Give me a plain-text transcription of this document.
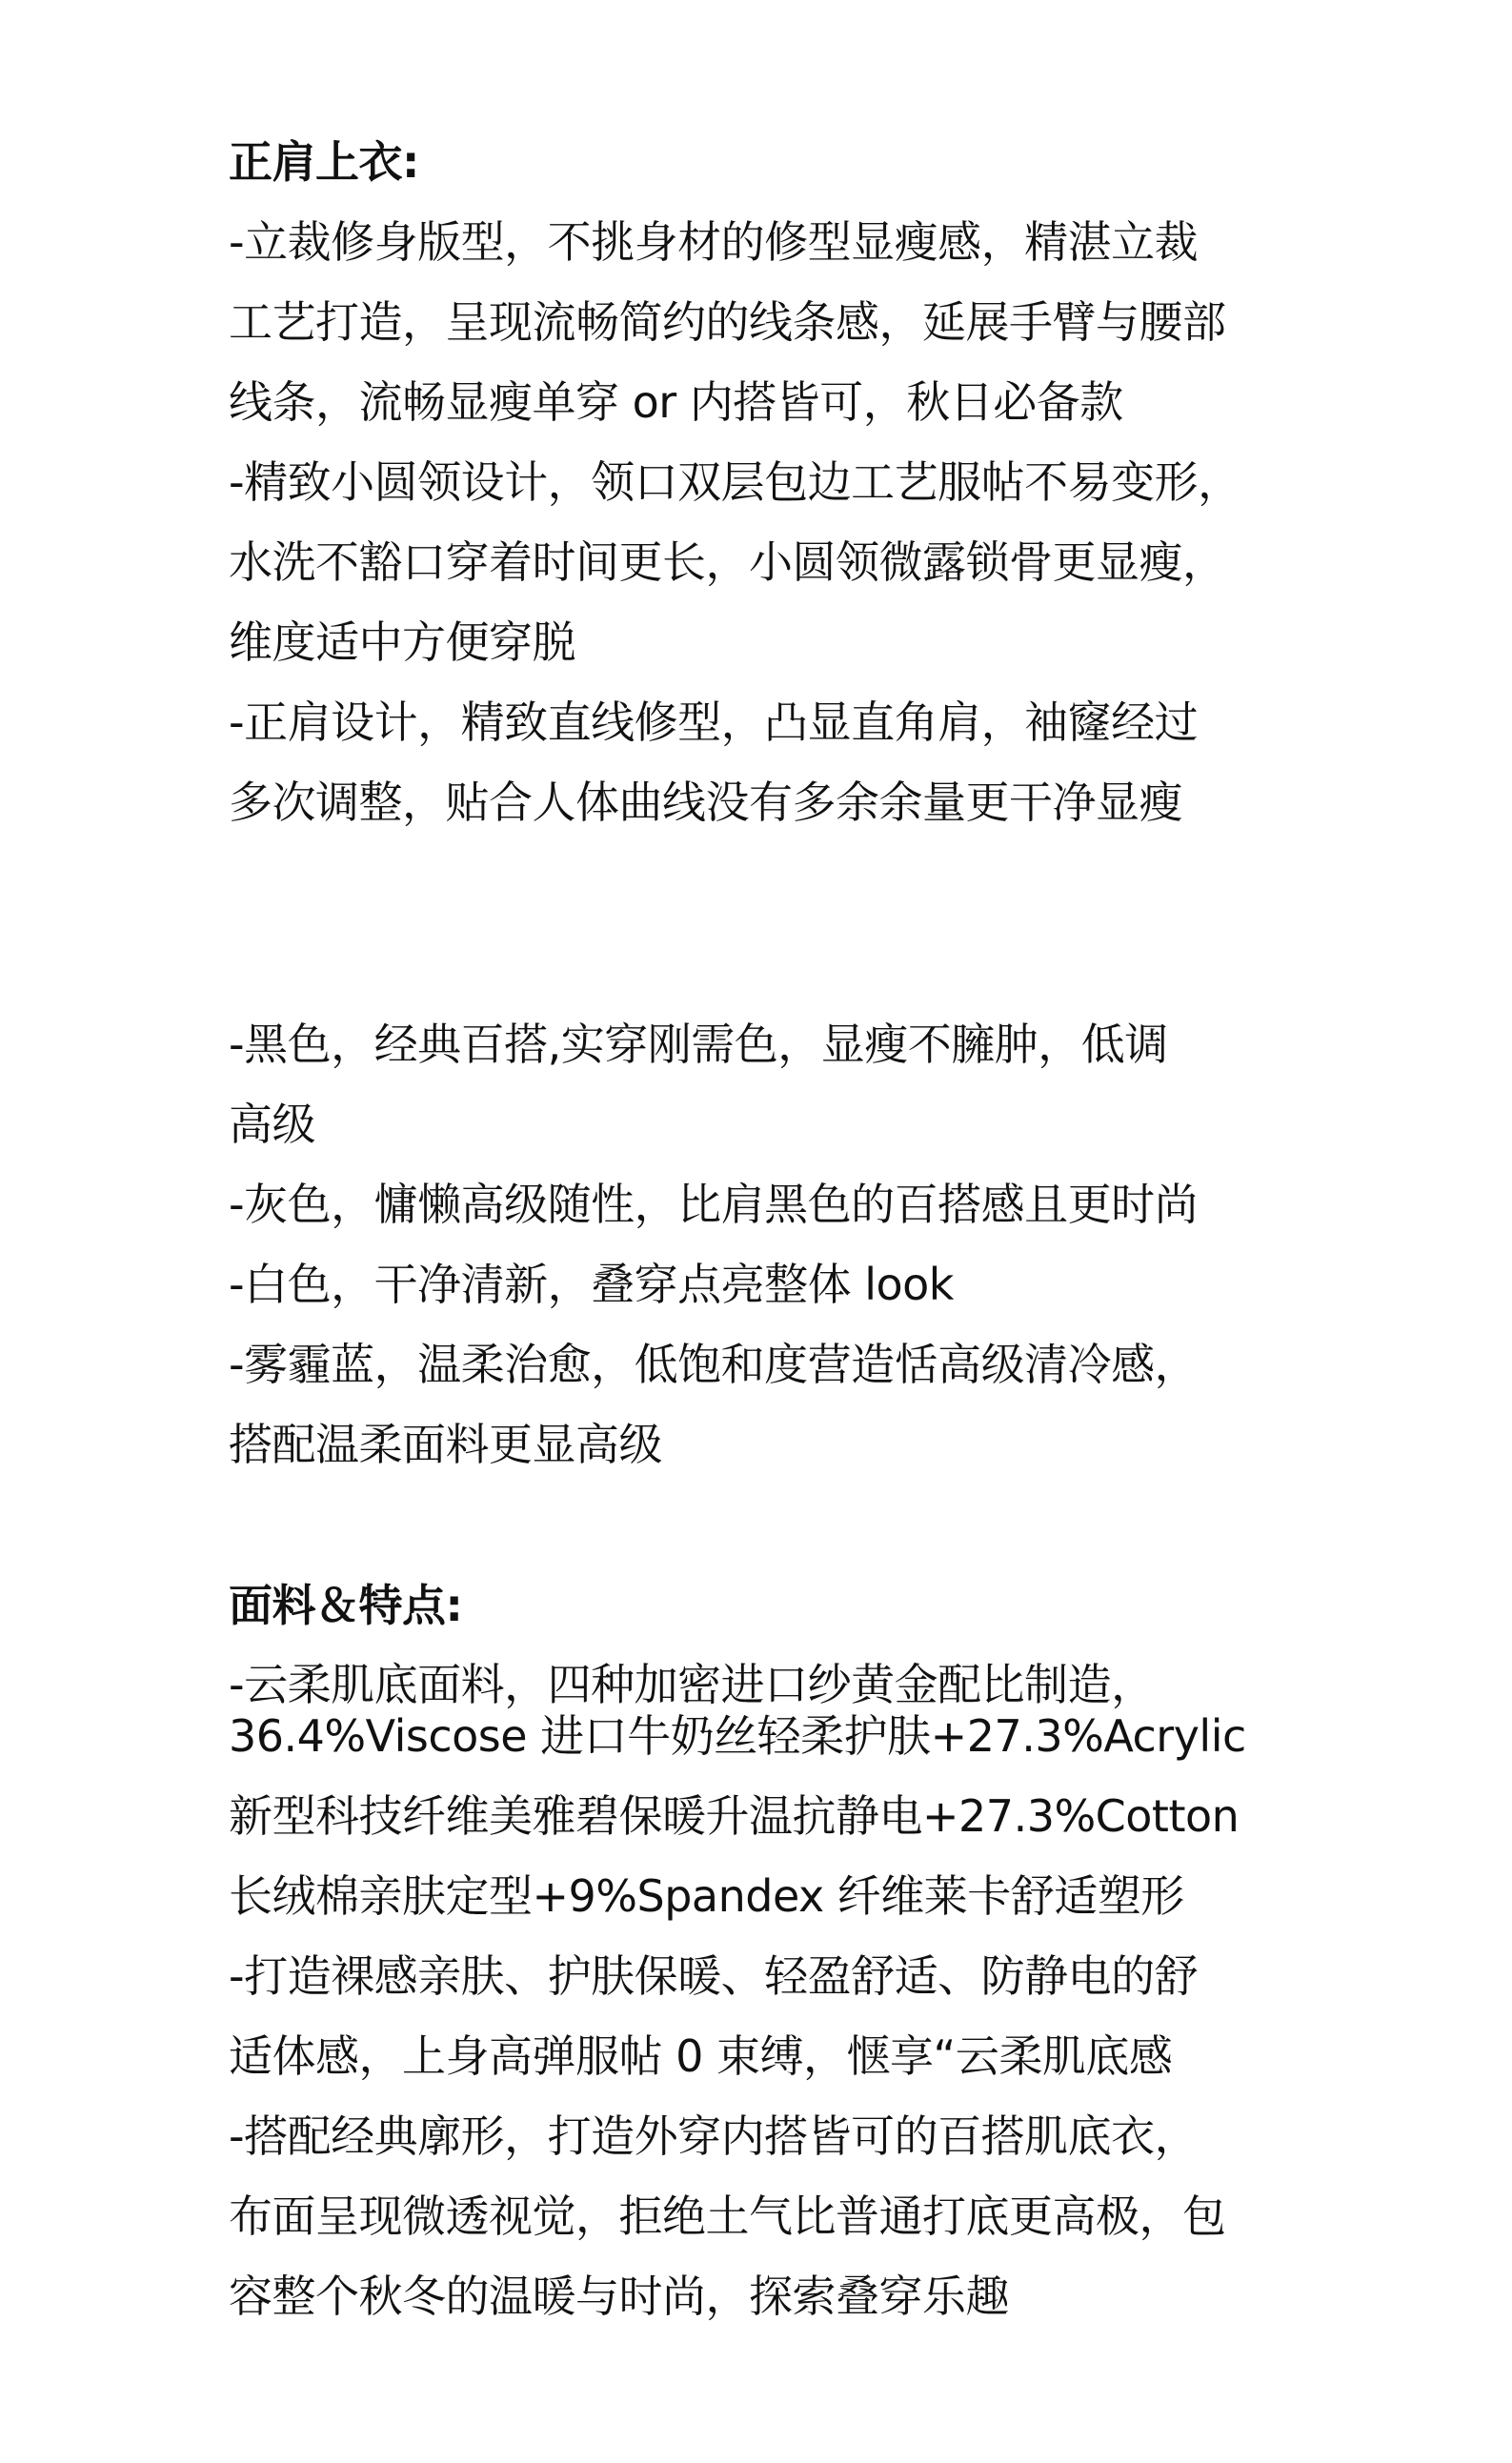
正肩上衣:
-立裁修身版型，不挑身材的修型显瘦感，精湛立裁
工艺打造，呈现流畅简约的线条感，延展手臂与腰部
线条，流畅显瘦单穿 or 内搭皆可，秋日必备款
-精致小圆领设计，领口双层包边工艺服帖不易变形，
水洗不豁口穿着时间更长，小圆领微露锁骨更显瘦，
维度适中方便穿脱
-正肩设计，精致直线修型，凸显直角肩，袖窿经过
多次调整，贴合人体曲线没有多余余量更干净显瘦
-黑色，经典百搭,实穿刚需色，显瘦不臃肿，低调
高级
-灰色，慵懒高级随性，比肩黑色的百搭感且更时尚
-白色，干净清新，叠穿点亮整体 look
-雾霾蓝，温柔治愈，低饱和度营造恬高级清冷感，
搭配温柔面料更显高级
面料＆特点:
-云柔肌底面料，四种加密进口纱黄金配比制造，
36.4%Viscose 进口牛奶丝轻柔护肤+27.3%Acrylic
新型科技纤维美雅碧保暖升温抗静电+27.3%Cotton
长绒棉亲肤定型+9%Spandex 纤维莱卡舒适塑形
-打造裸感亲肤、护肤保暖、轻盈舒适、防静电的舒
适体感，上身高弹服帖 0 束缚，惬享“云柔肌底感
-搭配经典廓形，打造外穿内搭皆可的百搭肌底衣，
布面呈现微透视觉，拒绝土气比普通打底更高极，包
容整个秋冬的温暖与时尚，探索叠穿乐趣
